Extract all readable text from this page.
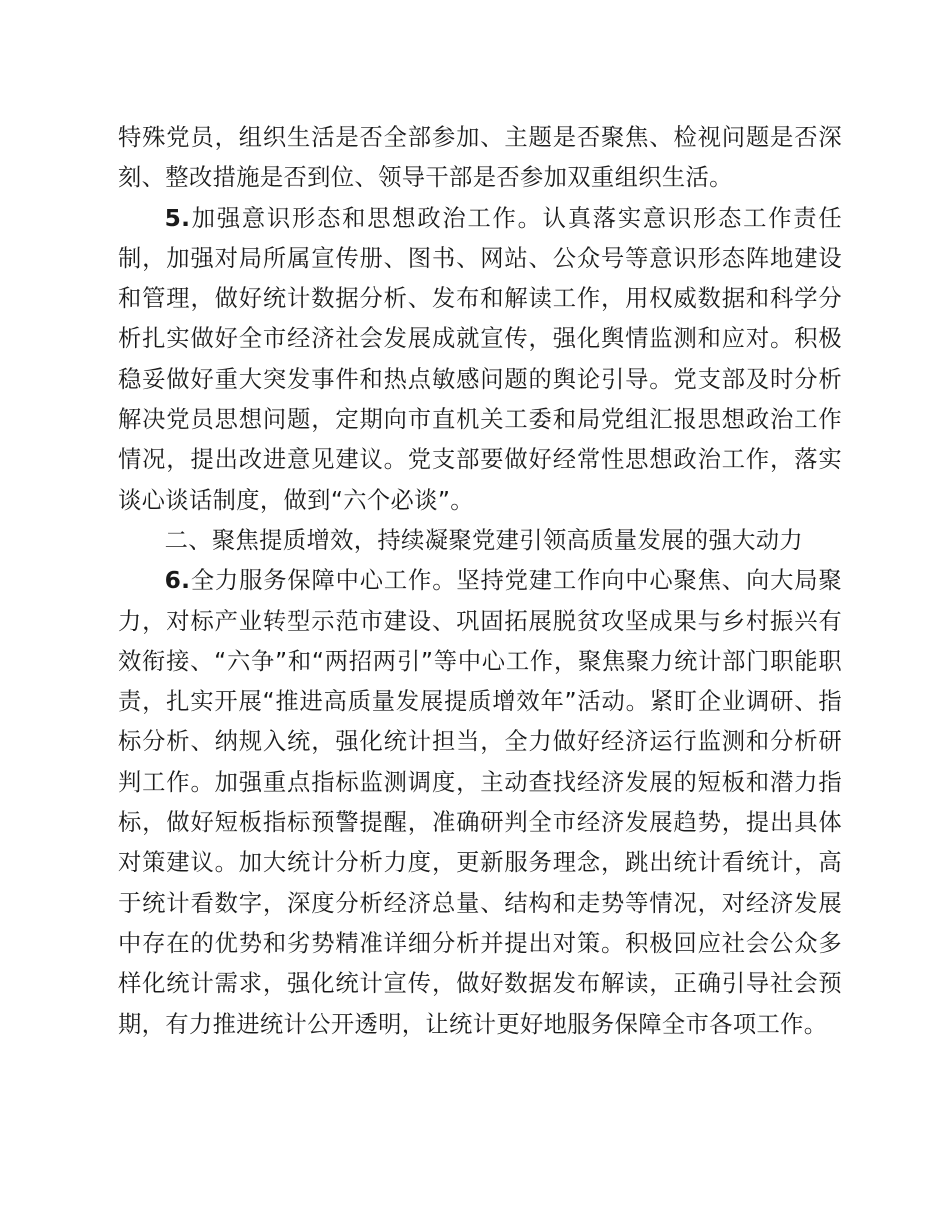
特殊党员，组织生活是否全部参加、主题是否聚焦、检视问题是否深刻、整改措施是否到位、领导干部是否参加双重组织生活。

5.加强意识形态和思想政治工作。认真落实意识形态工作责任制，加强对局所属宣传册、图书、网站、公众号等意识形态阵地建设和管理，做好统计数据分析、发布和解读工作，用权威数据和科学分析扎实做好全市经济社会发展成就宣传，强化舆情监测和应对。积极稳妥做好重大突发事件和热点敏感问题的舆论引导。党支部及时分析解决党员思想问题，定期向市直机关工委和局党组汇报思想政治工作情况，提出改进意见建议。党支部要做好经常性思想政治工作，落实谈心谈话制度，做到“六个必谈”。

二、聚焦提质增效，持续凝聚党建引领高质量发展的强大动力

6.全力服务保障中心工作。坚持党建工作向中心聚焦、向大局聚力，对标产业转型示范市建设、巩固拓展脱贫攻坚成果与乡村振兴有效衔接、“六争”和“两招两引”等中心工作，聚焦聚力统计部门职能职责，扎实开展“推进高质量发展提质增效年”活动。紧盯企业调研、指标分析、纳规入统，强化统计担当，全力做好经济运行监测和分析研判工作。加强重点指标监测调度，主动查找经济发展的短板和潜力指标，做好短板指标预警提醒，准确研判全市经济发展趋势，提出具体对策建议。加大统计分析力度，更新服务理念，跳出统计看统计，高于统计看数字，深度分析经济总量、结构和走势等情况，对经济发展中存在的优势和劣势精准详细分析并提出对策。积极回应社会公众多样化统计需求，强化统计宣传，做好数据发布解读，正确引导社会预期，有力推进统计公开透明，让统计更好地服务保障全市各项工作。
